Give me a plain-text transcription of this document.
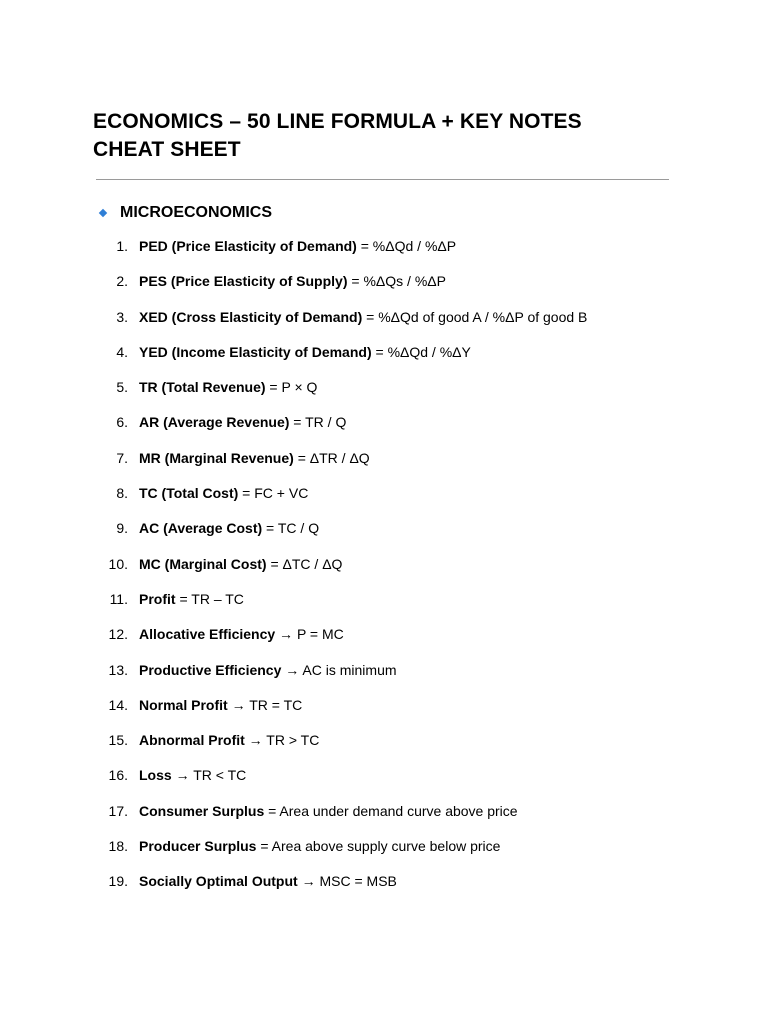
ECONOMICS – 50 LINE FORMULA + KEY NOTES
CHEAT SHEET
MICROECONOMICS
1. PED (Price Elasticity of Demand) = %ΔQd / %ΔP
2. PES (Price Elasticity of Supply) = %ΔQs / %ΔP
3. XED (Cross Elasticity of Demand) = %ΔQd of good A / %ΔP of good B
4. YED (Income Elasticity of Demand) = %ΔQd / %ΔY
5. TR (Total Revenue) = P × Q
6. AR (Average Revenue) = TR / Q
7. MR (Marginal Revenue) = ΔTR / ΔQ
8. TC (Total Cost) = FC + VC
9. AC (Average Cost) = TC / Q
10. MC (Marginal Cost) = ΔTC / ΔQ
11. Profit = TR – TC
12. Allocative Efficiency → P = MC
13. Productive Efficiency → AC is minimum
14. Normal Profit → TR = TC
15. Abnormal Profit → TR > TC
16. Loss → TR < TC
17. Consumer Surplus = Area under demand curve above price
18. Producer Surplus = Area above supply curve below price
19. Socially Optimal Output → MSC = MSB
